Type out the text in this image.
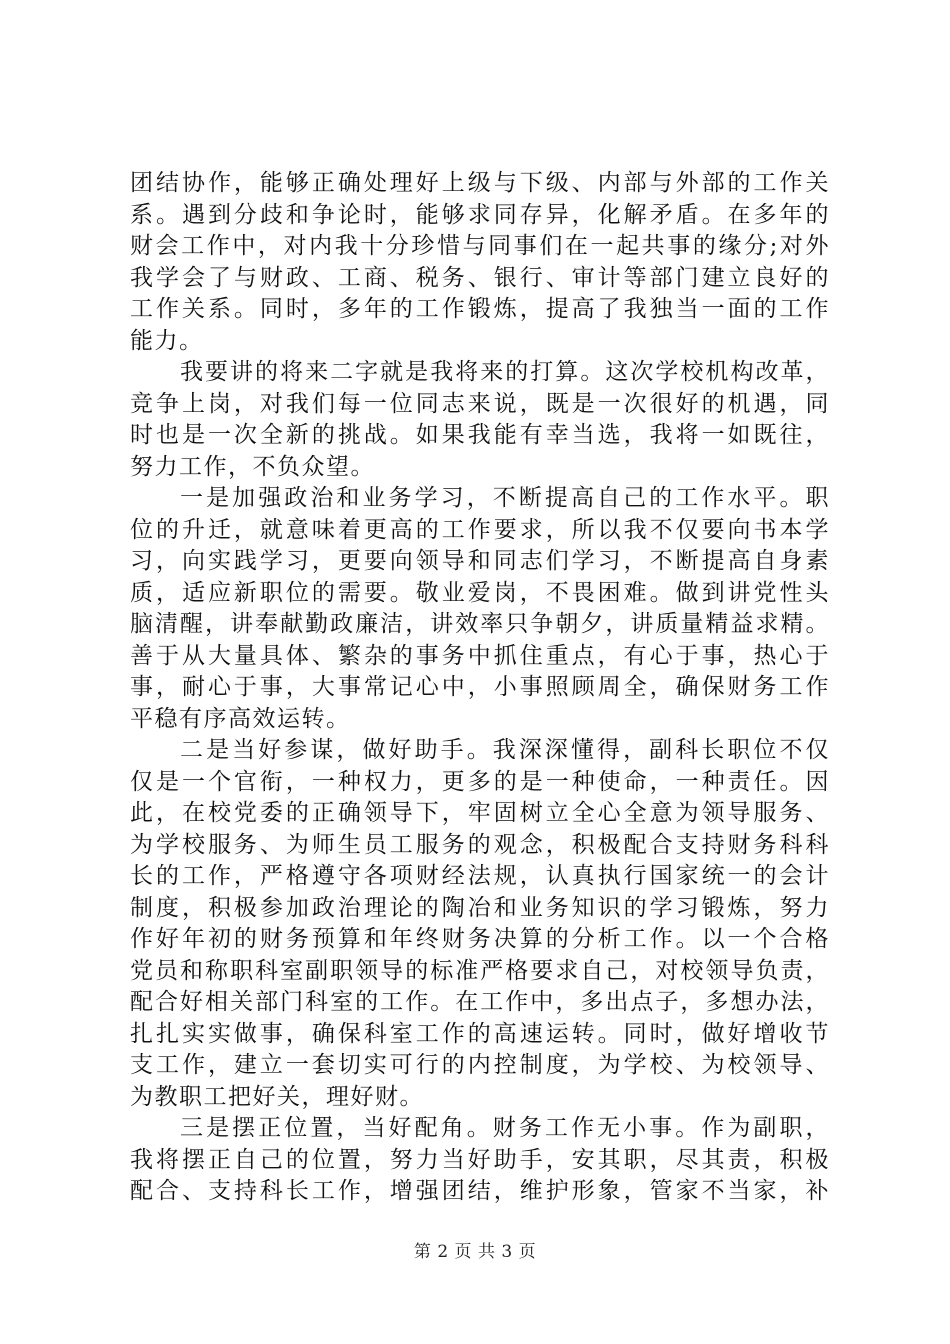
团结协作，能够正确处理好上级与下级、内部与外部的工作关
系。遇到分歧和争论时，能够求同存异，化解矛盾。在多年的
财会工作中，对内我十分珍惜与同事们在一起共事的缘分;对外
我学会了与财政、工商、税务、银行、审计等部门建立良好的
工作关系。同时，多年的工作锻炼，提高了我独当一面的工作
能力。
我要讲的将来二字就是我将来的打算。这次学校机构改革，
竞争上岗，对我们每一位同志来说，既是一次很好的机遇，同
时也是一次全新的挑战。如果我能有幸当选，我将一如既往，
努力工作，不负众望。
一是加强政治和业务学习，不断提高自己的工作水平。职
位的升迁，就意味着更高的工作要求，所以我不仅要向书本学
习，向实践学习，更要向领导和同志们学习，不断提高自身素
质，适应新职位的需要。敬业爱岗，不畏困难。做到讲党性头
脑清醒，讲奉献勤政廉洁，讲效率只争朝夕，讲质量精益求精。
善于从大量具体、繁杂的事务中抓住重点，有心于事，热心于
事，耐心于事，大事常记心中，小事照顾周全，确保财务工作
平稳有序高效运转。
二是当好参谋，做好助手。我深深懂得，副科长职位不仅
仅是一个官衔，一种权力，更多的是一种使命，一种责任。因
此，在校党委的正确领导下，牢固树立全心全意为领导服务、
为学校服务、为师生员工服务的观念，积极配合支持财务科科
长的工作，严格遵守各项财经法规，认真执行国家统一的会计
制度，积极参加政治理论的陶冶和业务知识的学习锻炼，努力
作好年初的财务预算和年终财务决算的分析工作。以一个合格
党员和称职科室副职领导的标准严格要求自己，对校领导负责，
配合好相关部门科室的工作。在工作中，多出点子，多想办法，
扎扎实实做事，确保科室工作的高速运转。同时，做好增收节
支工作，建立一套切实可行的内控制度，为学校、为校领导、
为教职工把好关，理好财。
三是摆正位置，当好配角。财务工作无小事。作为副职，
我将摆正自己的位置，努力当好助手，安其职，尽其责，积极
配合、支持科长工作，增强团结，维护形象，管家不当家，补
第 2 页 共 3 页
